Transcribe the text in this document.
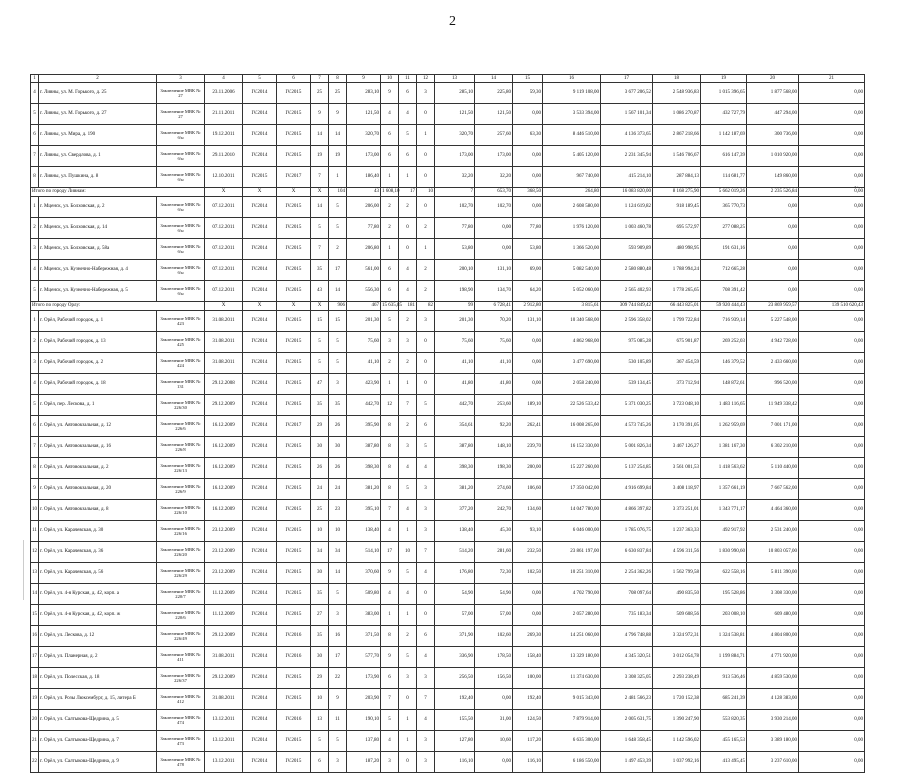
2
~
1	2	3	4	5	6	7	8	9	10	11	12	13	14	15	16	17	18	19	20	21	
4	г. Ливны, ул. М. Горького, д. 25	Заключение МВК № 27	23.11.2006	IV.2014	IV.2015	25	25	283,10	9	6	3	285,10	225,80	59,30	9 119 108,00	3 677 206,52	2 548 936,83	1 015 396,65	1 877 568,00	0,00	
5	г. Ливны, ул. М. Горького, д. 27	Заключение МВК № 27	21.11.2011	IV.2014	IV.2015	9	9	121,50	4	4	0	121,50	121,50	0,00	3 533 394,00	1 567 101,34	1 086 270,87	432 727,79	447 294,00	0,00	
6	г. Ливны, ул. Мира, д. 190	Заключение МВК № б/н	19.12.2011	IV.2014	IV.2015	14	14	320,70	6	5	1	320,70	257,60	63,30	8 446 510,00	4 136 373,65	2 867 218,66	1 142 187,69	300 736,00	0,00	
7	г. Ливны, ул. Свердлова, д. 1	Заключение МВК № б/н	29.11.2010	IV.2014	IV.2015	19	19	173,00	6	6	0	173,00	173,00	0,00	5 405 120,00	2 231 345,94	1 546 706,67	616 147,39	1 010 920,00	0,00	
8	г. Ливны, ул. Пушкина, д. 8	Заключение МВК № б/н	12.10.2011	IV.2015	IV.2017	7	1	186,40	1	1	0	32,20	32,20	0,00	967 740,00	415 214,10	287 884,13	114 681,77	149 860,00	0,00	
Итого по городу Ливнам:			X	X	X	X	104	43	1 608,10	17	10	7	653,70	368,50	264,80	16 083 820,00	8 168 275,90	5 662 019,26	2 235 526,84	0,00	
1	г. Мценск, ул. Болховская, д. 2	Заключение МВК № б/н	07.12.2011	IV.2014	IV.2015	14	5	206,00	2	2	0	102,70	102,70	0,00	2 608 580,00	1 124 619,82	918 189,45	365 770,73	0,00	0,00	
2	г. Мценск, ул. Болховская, д. 14	Заключение МВК № б/н	07.12.2011	IV.2014	IV.2015	5	5	77,80	2	0	2	77,80	0,00	77,80	1 976 120,00	1 003 460,78	695 572,97	277 088,25	0,00	0,00	
3	г. Мценск, ул. Болховская, д. 58а	Заключение МВК № б/н	07.12.2011	IV.2014	IV.2015	7	2	206,80	1	0	1	53,80	0,00	53,80	1 366 520,00	593 909,89	480 998,95	191 631,16	0,00	0,00	
4	г. Мценск, ул. Кузнечно-Набережная, д. 4	Заключение МВК № б/н	07.12.2011	IV.2014	IV.2015	35	17	561,00	6	4	2	200,10	131,10	69,00	5 082 540,00	2 580 880,48	1 788 994,24	712 665,28	0,00	0,00	
5	г. Мценск, ул. Кузнечно-Набережная, д. 5	Заключение МВК № б/н	07.12.2011	IV.2014	IV.2015	43	14	556,30	6	4	2	198,90	134,70	64,20	5 052 060,00	2 565 402,93	1 778 265,65	708 391,42	0,00	0,00	
Итого по городу Орлу:			X	X	X	X	906	467	15 635,85	181	82	99	6 728,41	2 912,80	3 815,61	309 744 849,42	66 443 825,01	59 920 444,43	23 869 959,57	139 510 620,43	
1	г. Орёл, Рабочий городок, д. 1	Заключение МВК № 423	31.08.2011	IV.2014	IV.2015	15	15	201,30	5	2	3	201,30	70,20	131,10	10 340 568,00	2 596 358,02	1 799 722,84	716 939,14	5 227 548,00	0,00	
2	г. Орёл, Рабочий городок, д. 13	Заключение МВК № 425	31.08.2011	IV.2014	IV.2015	5	5	75,60	3	3	0	75,60	75,60	0,00	4 862 968,00	975 085,28	675 901,87	269 252,03	4 942 728,00	0,00	
3	г. Орёл, Рабочий городок, д. 2	Заключение МВК № 424	31.08.2011	IV.2014	IV.2015	5	5	41,10	2	2	0	41,10	41,10	0,00	3 477 690,00	530 105,89	367 454,59	146 379,52	2 433 660,00	0,00	
4	г. Орёл, Рабочий городок, д. 18	Заключение МВК № 131	29.12.2008	IV.2014	IV.2015	47	3	423,90	1	1	0	41,80	41,80	0,00	2 058 240,00	539 134,45	373 712,94	148 872,61	996 520,00	0,00	
5	г. Орёл, пер. Лескова, д. 1	Заключение МВК № 226/30	29.12.2009	IV.2014	IV.2015	35	35	442,70	12	7	5	442,70	253,60	189,10	22 526 533,42	5 371 030,25	3 723 048,10	1 483 116,65	11 949 338,42	0,00	
6	г. Орёл, ул. Автовокзальная, д. 12	Заключение МВК № 226/6	16.12.2009	IV.2014	IV.2017	29	26	395,90	8	2	6	354,61	92,20	262,41	16 008 265,00	4 573 745,26	3 170 391,05	1 262 959,69	7 001 171,00	0,00	
7	г. Орёл, ул. Автовокзальная, д. 16	Заключение МВК № 226/8	16.12.2009	IV.2014	IV.2015	30	30	387,80	8	3	5	387,80	148,10	239,70	16 152 330,00	5 001 826,34	3 467 126,27	1 381 167,30	6 302 210,00	0,00	
8	г. Орёл, ул. Автовокзальная, д. 2	Заключение МВК № 226/13	16.12.2009	IV.2014	IV.2015	26	26	398,30	8	4	4	398,30	198,30	200,00	15 227 260,00	5 137 254,85	3 561 001,53	1 418 563,62	5 110 440,00	0,00	
9	г. Орёл, ул. Автовокзальная, д. 20	Заключение МВК № 226/9	16.12.2009	IV.2014	IV.2015	24	24	381,20	8	5	3	381,20	274,60	106,60	17 350 042,00	4 916 699,84	3 408 118,97	1 357 661,19	7 667 562,00	0,00	
10	г. Орёл, ул. Автовокзальная, д. 8	Заключение МВК № 226/10	16.12.2009	IV.2014	IV.2015	25	23	395,10	7	4	3	377,20	242,70	134,60	14 047 780,00	4 866 397,82	3 373 251,01	1 343 771,17	4 464 360,00	0,00	
11	г. Орёл, ул. Карачевская, д. 30	Заключение МВК № 226/16	23.12.2009	IV.2014	IV.2015	10	10	138,40	4	1	3	138,40	45,30	93,10	6 046 000,00	1 785 076,75	1 237 363,33	492 917,92	2 531 240,00	0,00	
12	г. Орёл, ул. Карачевская, д. 36	Заключение МВК № 226/20	23.12.2009	IV.2014	IV.2015	34	34	514,10	17	10	7	514,20	281,60	232,50	23 861 197,00	6 630 837,84	4 596 311,56	1 830 990,60	10 803 057,00	0,00	
13	г. Орёл, ул. Карачевская, д. 56	Заключение МВК № 226/29	23.12.2009	IV.2014	IV.2015	30	14	370,60	9	5	4	176,80	72,30	102,50	10 251 310,00	2 254 362,26	1 562 799,58	622 558,16	5 811 390,00	0,00	
14	г. Орёл, ул. 4-я Курская, д. 42, корп. а	Заключение МВК № 220/7	11.12.2009	IV.2014	IV.2015	35	5	509,80	4	4	0	54,90	54,90	0,00	4 702 790,00	708 097,64	490 835,50	195 528,86	3 308 330,00	0,00	
15	г. Орёл, ул. 4-я Курская, д. 42, корп. ж	Заключение МВК № 220/6	11.12.2009	IV.2014	IV.2015	27	3	383,00	1	1	0	57,00	57,00	0,00	2 057 280,00	735 183,34	509 608,56	203 008,10	609 480,00	0,00	
16	г. Орёл, ул. Лескова, д. 12	Заключение МВК № 226/49	29.12.2009	IV.2014	IV.2016	35	16	371,50	8	2	6	371,90	102,60	269,30	14 251 060,00	4 796 748,88	3 324 972,31	1 324 538,81	4 804 800,00	0,00	
17	г. Орёл, ул. Планерная, д. 2	Заключение МВК № 411	31.08.2011	IV.2014	IV.2016	30	17	577,70	9	5	4	336,90	178,50	158,40	13 329 180,00	4 345 320,51	3 012 054,78	1 199 884,71	4 771 920,00	0,00	
18	г. Орёл, ул. Полесская, д. 18	Заключение МВК № 226/37	29.12.2009	IV.2014	IV.2015	29	22	173,90	6	3	3	256,50	156,50	100,00	11 374 630,00	3 308 325,05	2 293 238,49	913 536,46	4 859 530,00	0,00	
19	г. Орёл, ул. Розы Люксембург, д. 15, литера Б	Заключение МВК № 412	31.08.2011	IV.2014	IV.2015	10	9	203,90	7	0	7	192,40	0,00	192,40	9 015 343,00	2 481 566,23	1 720 152,38	685 241,39	4 128 383,00	0,00	
20	г. Орёл, ул. Салтыкова-Щедрина, д. 5	Заключение МВК № 474	13.12.2011	IV.2014	IV.2016	13	11	190,10	5	1	4	155,50	31,00	124,50	7 879 914,00	2 005 631,75	1 390 247,90	553 820,35	3 930 214,00	0,00	
21	г. Орёл, ул. Салтыкова-Щедрина, д. 7	Заключение МВК № 473	13.12.2011	IV.2014	IV.2015	5	5	137,80	4	1	3	127,80	10,60	117,20	6 635 300,00	1 648 358,45	1 142 596,02	455 165,53	3 389 180,00	0,00	
22	г. Орёл, ул. Салтыкова-Щедрина, д. 9	Заключение МВК № 478	13.12.2011	IV.2014	IV.2015	6	3	187,20	3	0	3	116,10	0,00	116,10	6 186 550,00	1 497 453,39	1 037 992,16	413 495,45	3 237 610,00	0,00	
